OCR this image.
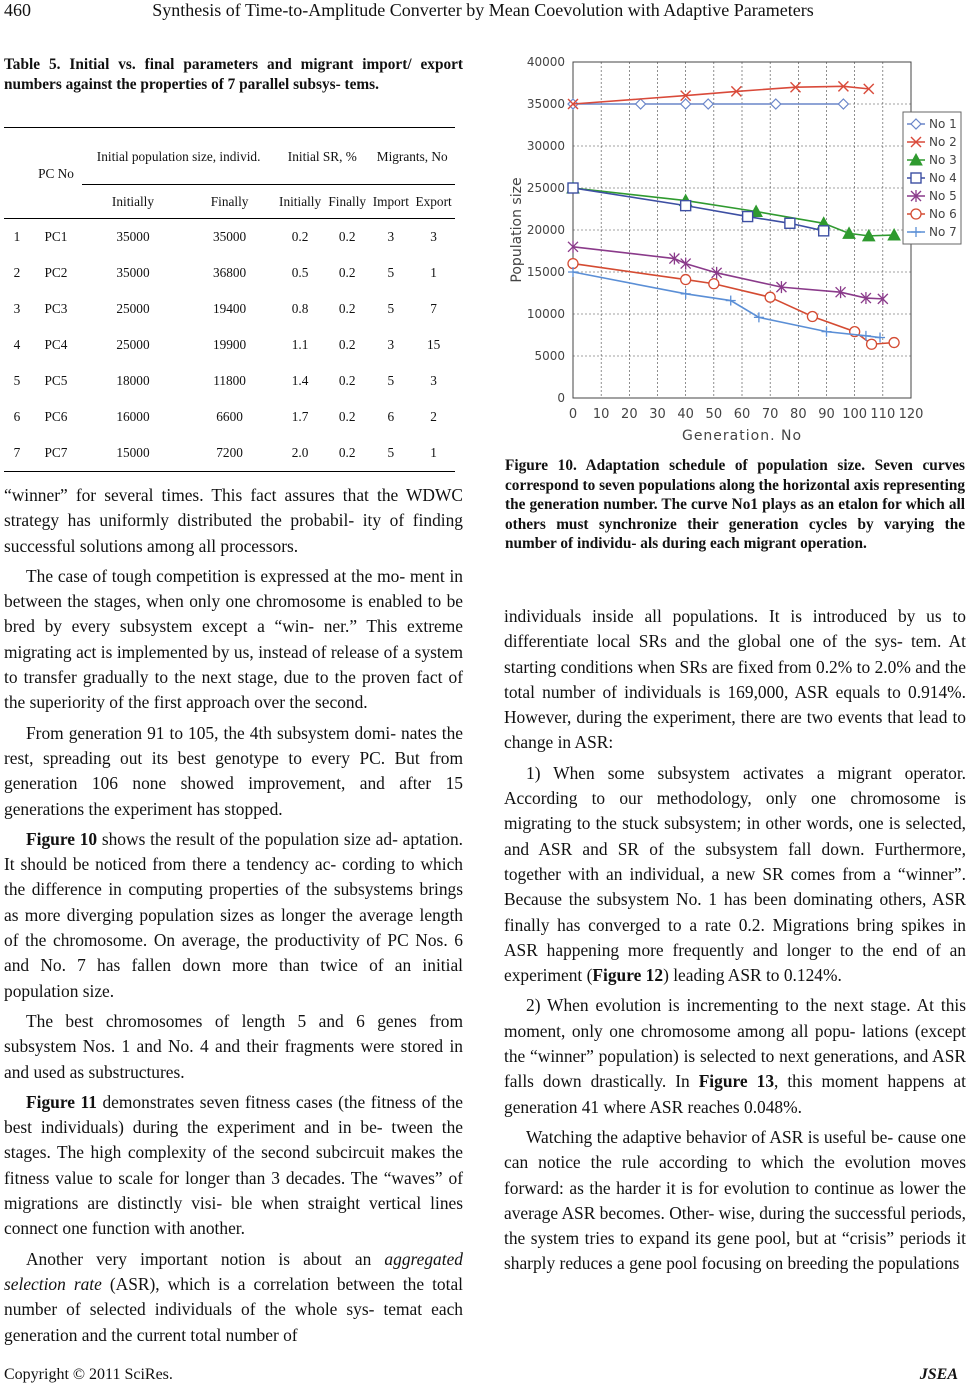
460	Synthesis of Time-to-Amplitude Converter by Mean Coevolution with Adaptive Parameters
Table 5. Initial vs. final parameters and migrant import/ export numbers against the properties of 7 parallel subsys- tems.
	PC No	Initial population size, individ.		Initial SR, %		Migrants, No	
		Initially	Finally	Initially	Finally	Import	Export
1	PC1	35000	35000	0.2	0.2	3	3
2	PC2	35000	36800	0.5	0.2	5	1
3	PC3	25000	19400	0.8	0.2	5	7
4	PC4	25000	19900	1.1	0.2	3	15
5	PC5	18000	11800	1.4	0.2	5	3
6	PC6	16000	6600	1.7	0.2	6	2
7	PC7	15000	7200	2.0	0.2	5	1

“winner” for several times. This fact assures that the WDWC strategy has uniformly distributed the probabil- ity of finding successful solutions among all processors.

The case of tough competition is expressed at the mo- ment in between the stages, when only one chromosome is enabled to be bred by every subsystem except a “win- ner.” This extreme migrating act is implemented by us, instead of release of a system to transfer gradually to the next stage, due to the proven fact of the superiority of the first approach over the second.

From generation 91 to 105, the 4th subsystem domi- nates the rest, spreading out its best genotype to every PC. But from generation 106 none showed improvement, and after 15 generations the experiment has stopped.

Figure 10 shows the result of the population size ad- aptation. It should be noticed from there a tendency ac- cording to which the difference in computing properties of the subsystems brings as more diverging population sizes as longer the average length of the chromosome. On average, the productivity of PC Nos. 6 and No. 7 has fallen down more than twice of an initial population size.

The best chromosomes of length 5 and 6 genes from subsystem Nos. 1 and No. 4 and their fragments were stored in and used as substructures.

Figure 11 demonstrates seven fitness cases (the fitness of the best individuals) during the experiment and in be- tween the stages. The high complexity of the second subcircuit makes the fitness value to scale for longer than 3 decades. The “waves” of migrations are distinctly visi- ble when straight vertical lines connect one function with another.

Another very important notion is about an aggregated selection rate (ASR), which is a correlation between the total number of selected individuals of the whole sys- temat each generation and the current total number of

0 10 20 30 40 50 60 70 80 90 100 110 120
0
5000
10000
15000
20000
25000
30000
35000
40000
Generation. No
Population size
No 1
No 2
No 3
No 4
No 5
No 6
No 7
Figure 10. Adaptation schedule of population size. Seven curves correspond to seven populations along the horizontal axis representing the generation number. The curve No1 plays as an etalon for which all others must synchronize their generation cycles by varying the number of individu- als during each migrant operation.

individuals inside all populations. It is introduced by us to differentiate local SRs and the global one of the sys- tem. At starting conditions when SRs are fixed from 0.2% to 2.0% and the total number of individuals is 169,000, ASR equals to 0.914%. However, during the experiment, there are two events that lead to change in ASR:

1) When some subsystem activates a migrant operator. According to our methodology, only one chromosome is migrating to the stuck subsystem; in other words, one is selected, and ASR and SR of the subsystem fall down. Furthermore, together with an individual, a new SR comes from a “winner”. Because the subsystem No. 1 has been dominating others, ASR finally has converged to a rate 0.2. Migrations bring spikes in ASR happening more frequently and longer to the end of an experiment (Figure 12) leading ASR to 0.124%.

2) When evolution is incrementing to the next stage. At this moment, only one chromosome among all popu- lations (except the “winner” population) is selected to next generations, and ASR falls down drastically. In Figure 13, this moment happens at generation 41 where ASR reaches 0.048%.

Watching the adaptive behavior of ASR is useful be- cause one can notice the rule according to which the evolution moves forward: as the harder it is for evolution to continue as lower the average ASR becomes. Other- wise, during the successful periods, the system tries to expand its gene pool, but at “crisis” periods it sharply reduces a gene pool focusing on breeding the populations

Copyright © 2011 SciRes.	JSEA
